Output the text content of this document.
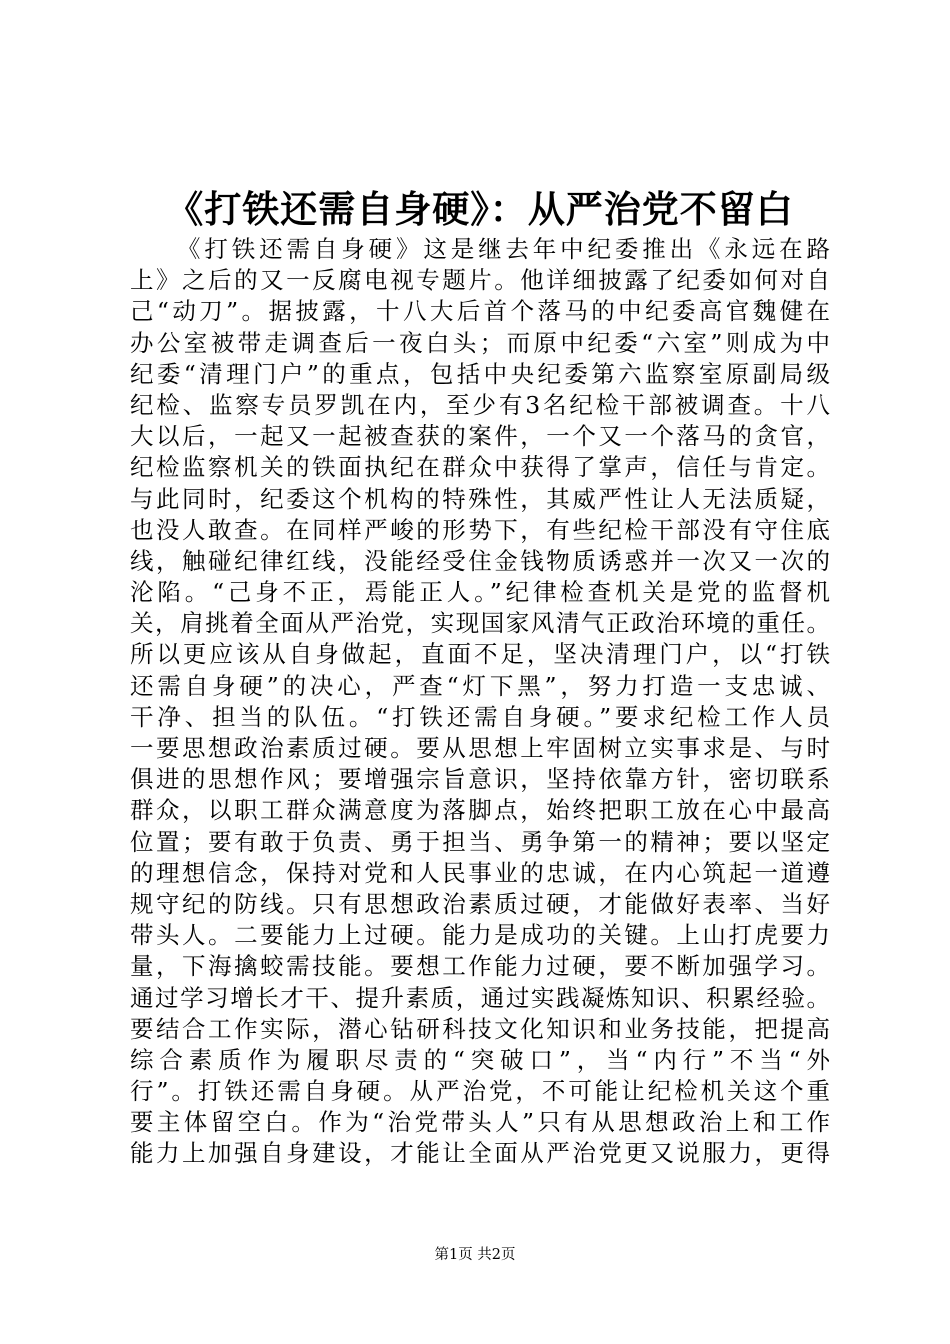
《打铁还需自身硬》：从严治党不留白
《打铁还需自身硬》这是继去年中纪委推出《永远在路
上》之后的又一反腐电视专题片。他详细披露了纪委如何对自
己“动刀”。据披露，十八大后首个落马的中纪委高官魏健在
办公室被带走调查后一夜白头；而原中纪委“六室”则成为中
纪委“清理门户”的重点，包括中央纪委第六监察室原副局级
纪检、监察专员罗凯在内，至少有3名纪检干部被调查。十八
大以后，一起又一起被查获的案件，一个又一个落马的贪官，
纪检监察机关的铁面执纪在群众中获得了掌声，信任与肯定。
与此同时，纪委这个机构的特殊性，其威严性让人无法质疑，
也没人敢查。在同样严峻的形势下，有些纪检干部没有守住底
线，触碰纪律红线，没能经受住金钱物质诱惑并一次又一次的
沦陷。“己身不正，焉能正人。”纪律检查机关是党的监督机
关，肩挑着全面从严治党，实现国家风清气正政治环境的重任。
所以更应该从自身做起，直面不足，坚决清理门户，以“打铁
还需自身硬”的决心，严查“灯下黑”，努力打造一支忠诚、
干净、担当的队伍。“打铁还需自身硬。”要求纪检工作人员
一要思想政治素质过硬。要从思想上牢固树立实事求是、与时
俱进的思想作风；要增强宗旨意识，坚持依靠方针，密切联系
群众，以职工群众满意度为落脚点，始终把职工放在心中最高
位置；要有敢于负责、勇于担当、勇争第一的精神；要以坚定
的理想信念，保持对党和人民事业的忠诚，在内心筑起一道遵
规守纪的防线。只有思想政治素质过硬，才能做好表率、当好
带头人。二要能力上过硬。能力是成功的关键。上山打虎要力
量，下海擒蛟需技能。要想工作能力过硬，要不断加强学习。
通过学习增长才干、提升素质，通过实践凝炼知识、积累经验。
要结合工作实际，潜心钻研科技文化知识和业务技能，把提高
综合素质作为履职尽责的“突破口”，当“内行”不当“外
行”。打铁还需自身硬。从严治党，不可能让纪检机关这个重
要主体留空白。作为“治党带头人”只有从思想政治上和工作
能力上加强自身建设，才能让全面从严治党更又说服力，更得
第1页 共2页
